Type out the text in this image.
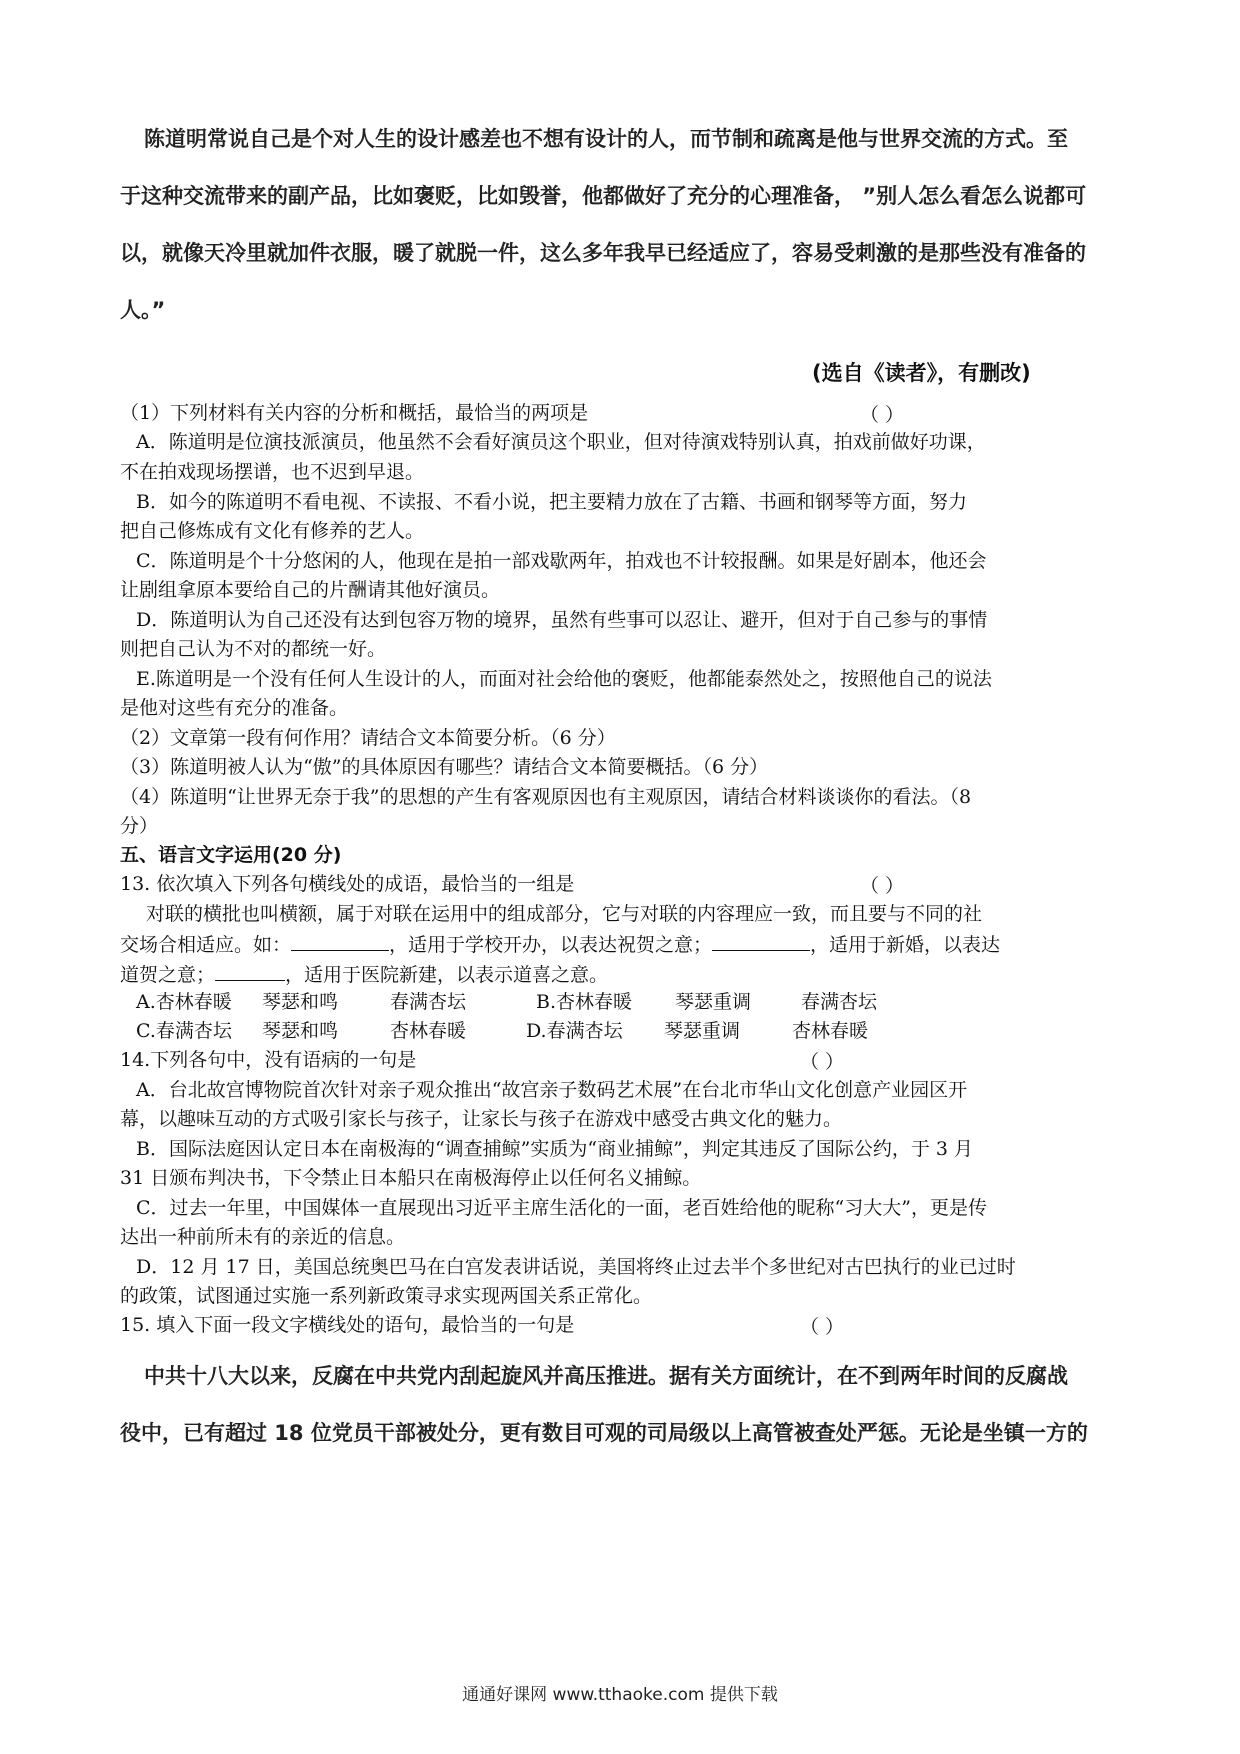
陈道明常说自己是个对人生的设计感差也不想有设计的人，而节制和疏离是他与世界交流的方式。至
于这种交流带来的副产品，比如褒贬，比如毁誉，他都做好了充分的心理准备， ”别人怎么看怎么说都可
以，就像天冷里就加件衣服，暖了就脱一件，这么多年我早已经适应了，容易受刺激的是那些没有准备的
人。”
(选自《读者》，有删改)
（1）下列材料有关内容的分析和概括，最恰当的两项是	（ ）
A．陈道明是位演技派演员，他虽然不会看好演员这个职业，但对待演戏特别认真，拍戏前做好功课，
不在拍戏现场摆谱，也不迟到早退。
B．如今的陈道明不看电视、不读报、不看小说，把主要精力放在了古籍、书画和钢琴等方面，努力
把自己修炼成有文化有修养的艺人。
C．陈道明是个十分悠闲的人，他现在是拍一部戏歇两年，拍戏也不计较报酬。如果是好剧本，他还会
让剧组拿原本要给自己的片酬请其他好演员。
D．陈道明认为自己还没有达到包容万物的境界，虽然有些事可以忍让、避开，但对于自己参与的事情
则把自己认为不对的都统一好。
E.陈道明是一个没有任何人生设计的人，而面对社会给他的褒贬，他都能泰然处之，按照他自己的说法
是他对这些有充分的准备。
（2）文章第一段有何作用？请结合文本简要分析。（6 分）
（3）陈道明被人认为“傲”的具体原因有哪些？请结合文本简要概括。（6 分）
（4）陈道明“让世界无奈于我”的思想的产生有客观原因也有主观原因，请结合材料谈谈你的看法。（8
分）
五、语言文字运用(20 分)
13. 依次填入下列各句横线处的成语，最恰当的一组是	（ ）
对联的横批也叫横额，属于对联在运用中的组成部分，它与对联的内容理应一致，而且要与不同的社
交场合相适应。如：	，适用于学校开办，以表达祝贺之意；	，适用于新婚，以表达
道贺之意；	，适用于医院新建，以表示道喜之意。
A.杏林春暖 琴瑟和鸣	春满杏坛	B.杏林春暖 琴瑟重调	春满杏坛
C.春满杏坛 琴瑟和鸣	杏林春暖	D.春满杏坛 琴瑟重调	杏林春暖
14.下列各句中，没有语病的一句是	（ ）
A．台北故宫博物院首次针对亲子观众推出“故宫亲子数码艺术展”在台北市华山文化创意产业园区开
幕，以趣味互动的方式吸引家长与孩子，让家长与孩子在游戏中感受古典文化的魅力。
B．国际法庭因认定日本在南极海的“调查捕鲸”实质为“商业捕鲸”，判定其违反了国际公约，于 3 月
31 日颁布判决书，下令禁止日本船只在南极海停止以任何名义捕鲸。
C．过去一年里，中国媒体一直展现出习近平主席生活化的一面，老百姓给他的昵称“习大大”，更是传
达出一种前所未有的亲近的信息。
D．12 月 17 日，美国总统奥巴马在白宫发表讲话说，美国将终止过去半个多世纪对古巴执行的业已过时
的政策，试图通过实施一系列新政策寻求实现两国关系正常化。
15. 填入下面一段文字横线处的语句，最恰当的一句是	（ ）
中共十八大以来，反腐在中共党内刮起旋风并高压推进。据有关方面统计，在不到两年时间的反腐战
役中，已有超过 18 位党员干部被处分，更有数目可观的司局级以上高管被查处严惩。无论是坐镇一方的
通通好课网 www.tthaoke.com 提供下载
